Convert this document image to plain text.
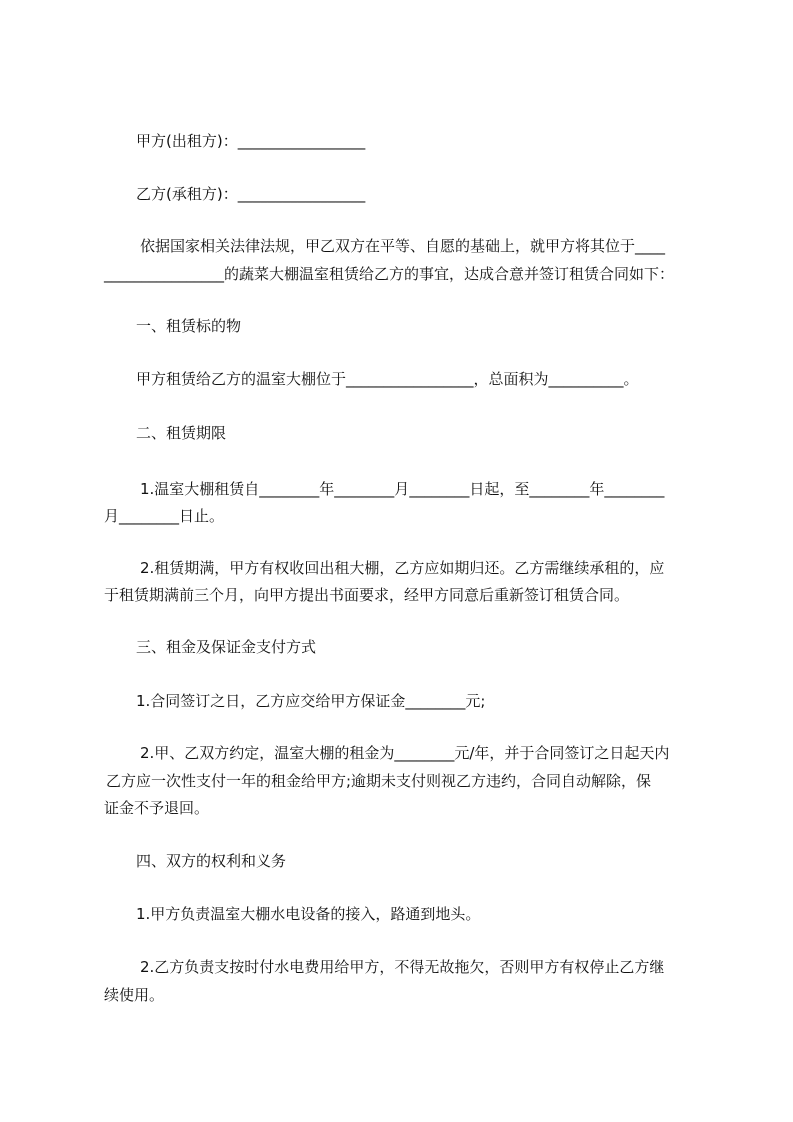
甲方(出租方)：_________________

乙方(承租方)：_________________

依据国家相关法律法规，甲乙双方在平等、自愿的基础上，就甲方将其位于____

________________的蔬菜大棚温室租赁给乙方的事宜，达成合意并签订租赁合同如下：

一、租赁标的物

甲方租赁给乙方的温室大棚位于_________________，总面积为__________。

二、租赁期限

1.温室大棚租赁自________年________月________日起，至________年________

月________日止。

2.租赁期满，甲方有权收回出租大棚，乙方应如期归还。乙方需继续承租的，应

于租赁期满前三个月，向甲方提出书面要求，经甲方同意后重新签订租赁合同。

三、租金及保证金支付方式

1.合同签订之日，乙方应交给甲方保证金________元;

2.甲、乙双方约定，温室大棚的租金为________元/年，并于合同签订之日起天内

乙方应一次性支付一年的租金给甲方;逾期未支付则视乙方违约，合同自动解除，保

证金不予退回。

四、双方的权利和义务

1.甲方负责温室大棚水电设备的接入，路通到地头。

2.乙方负责支按时付水电费用给甲方，不得无故拖欠，否则甲方有权停止乙方继

续使用。
